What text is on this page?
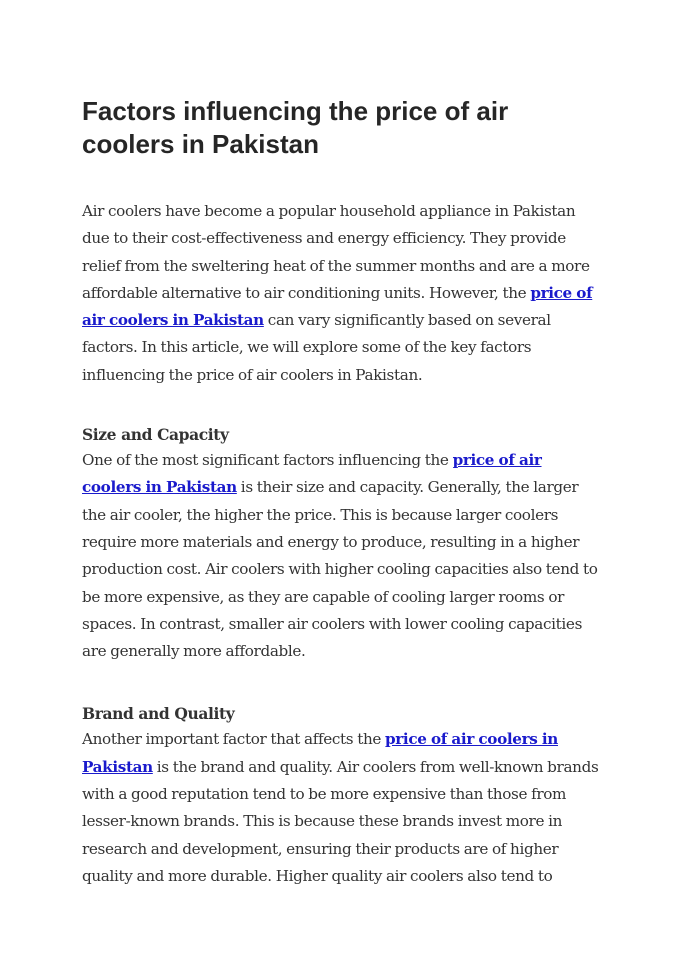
Factors influencing the price of air coolers in Pakistan

Air coolers have become a popular household appliance in Pakistan due to their cost-effectiveness and energy efficiency. They provide relief from the sweltering heat of the summer months and are a more affordable alternative to air conditioning units. However, the price of air coolers in Pakistan can vary significantly based on several factors. In this article, we will explore some of the key factors influencing the price of air coolers in Pakistan.

Size and Capacity

One of the most significant factors influencing the price of air coolers in Pakistan is their size and capacity. Generally, the larger the air cooler, the higher the price. This is because larger coolers require more materials and energy to produce, resulting in a higher production cost. Air coolers with higher cooling capacities also tend to be more expensive, as they are capable of cooling larger rooms or spaces. In contrast, smaller air coolers with lower cooling capacities are generally more affordable.

Brand and Quality

Another important factor that affects the price of air coolers in Pakistan is the brand and quality. Air coolers from well-known brands with a good reputation tend to be more expensive than those from lesser-known brands. This is because these brands invest more in research and development, ensuring their products are of higher quality and more durable. Higher quality air coolers also tend to
